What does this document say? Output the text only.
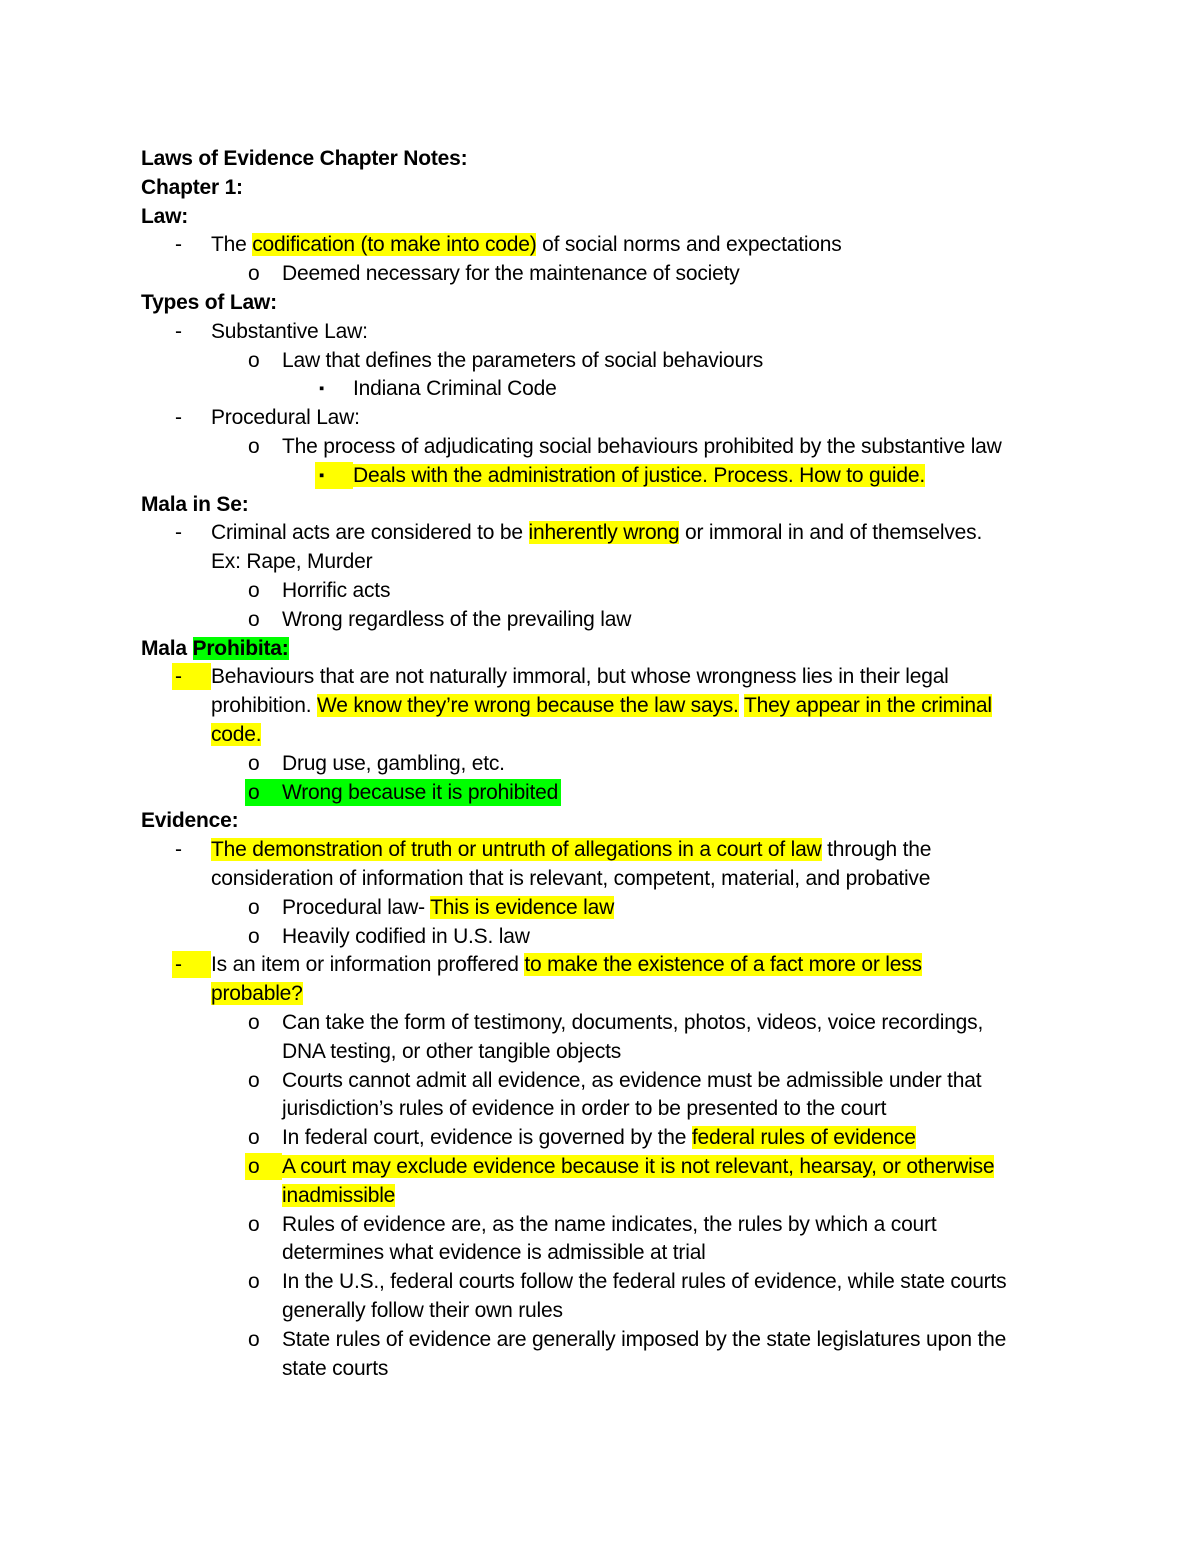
Laws of Evidence Chapter Notes:
Chapter 1:
Law:
- The codification (to make into code) of social norms and expectations
o Deemed necessary for the maintenance of society
Types of Law:
- Substantive Law:
o Law that defines the parameters of social behaviours
▪ Indiana Criminal Code
- Procedural Law:
o The process of adjudicating social behaviours prohibited by the substantive law
▪ Deals with the administration of justice. Process. How to guide.
Mala in Se:
- Criminal acts are considered to be inherently wrong or immoral in and of themselves.
Ex: Rape, Murder
o Horrific acts
o Wrong regardless of the prevailing law
Mala Prohibita:
- Behaviours that are not naturally immoral, but whose wrongness lies in their legal
prohibition. We know they’re wrong because the law says. They appear in the criminal
code.
o Drug use, gambling, etc.
o Wrong because it is prohibited
Evidence:
- The demonstration of truth or untruth of allegations in a court of law through the
consideration of information that is relevant, competent, material, and probative
o Procedural law- This is evidence law
o Heavily codified in U.S. law
- Is an item or information proffered to make the existence of a fact more or less
probable?
o Can take the form of testimony, documents, photos, videos, voice recordings,
DNA testing, or other tangible objects
o Courts cannot admit all evidence, as evidence must be admissible under that
jurisdiction’s rules of evidence in order to be presented to the court
o In federal court, evidence is governed by the federal rules of evidence
o A court may exclude evidence because it is not relevant, hearsay, or otherwise
inadmissible
o Rules of evidence are, as the name indicates, the rules by which a court
determines what evidence is admissible at trial
o In the U.S., federal courts follow the federal rules of evidence, while state courts
generally follow their own rules
o State rules of evidence are generally imposed by the state legislatures upon the
state courts
